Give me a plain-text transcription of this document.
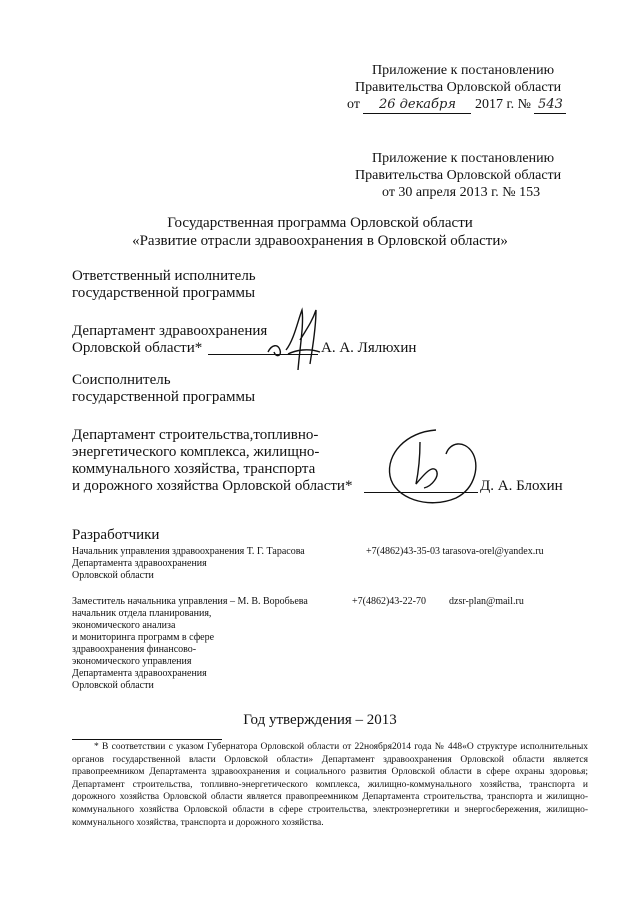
Приложение к постановлению
Правительства Орловской области
от 26 декабря 2017 г. № 543
Приложение к постановлению
Правительства Орловской области
от 30 апреля 2013 г. № 153
Государственная программа Орловской области
«Развитие отрасли здравоохранения в Орловской области»
Ответственный исполнитель
государственной программы
Департамент здравоохранения
Орловской области*	А. А. Лялюхин
Соисполнитель
государственной программы
Департамент строительства,топливно-
энергетического комплекса, жилищно-
коммунального хозяйства, транспорта
и дорожного хозяйства Орловской области*	Д. А. Блохин
Разработчики
Начальник управления здравоохранения Т. Г. Тарасова
Департамента здравоохранения
Орловской области
+7(4862)43-35-03 tarasova-orel@yandex.ru
Заместитель начальника управления – М. В. Воробьева
начальник отдела планирования,
экономического анализа
и мониторинга программ в сфере
здравоохранения финансово-
экономического управления
Департамента здравоохранения
Орловской области
+7(4862)43-22-70 dzsr-plan@mail.ru
Год утверждения – 2013
* В соответствии с указом Губернатора Орловской области от 22ноября2014 года № 448«О структуре исполнительных органов государственной власти Орловской области» Департамент здравоохранения Орловской области является правопреемником Департамента здравоохранения и социального развития Орловской области в сфере охраны здоровья; Департамент строительства, топливно-энергетического комплекса, жилищно-коммунального хозяйства, транспорта и дорожного хозяйства Орловской области является правопреемником Департамента строительства, транспорта и жилищно-коммунального хозяйства Орловской области в сфере строительства, электроэнергетики и энергосбережения, жилищно-коммунального хозяйства, транспорта и дорожного хозяйства.
